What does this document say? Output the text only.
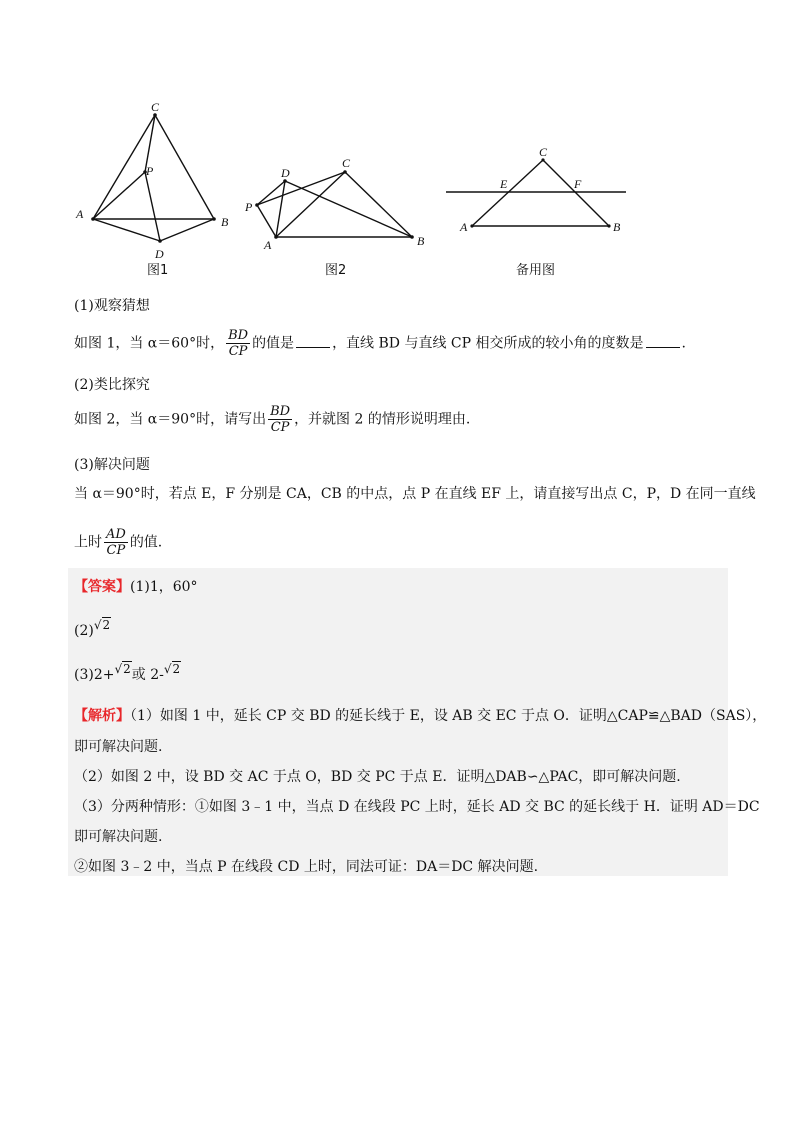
C
P
A
B
D
图1
D
C
P
A	B
图2
C
E	F
A	B
备用图
(1)观察猜想
如图 1，当 α＝60°时， $\frac{BD}{CP}$ 的值是	，直线 BD 与直线 CP 相交所成的较小角的度数是	.
(2)类比探究
如图 2，当 α＝90°时，请写出 $\frac{BD}{CP}$ ，并就图 2 的情形说明理由.
(3)解决问题
当 α＝90°时，若点 E，F 分别是 CA，CB 的中点，点 P 在直线 EF 上，请直接写出点 C，P，D 在同一直线
上时 $\frac{AD}{CP}$ 的值.
【答案】(1)1，60°
(2)√2
(3)2+√2或 2-√2
【解析】（1）如图 1 中，延长 CP 交 BD 的延长线于 E，设 AB 交 EC 于点 O．证明△CAP≌△BAD（SAS），
即可解决问题.
（2）如图 2 中，设 BD 交 AC 于点 O，BD 交 PC 于点 E．证明△DAB∽△PAC，即可解决问题.
（3）分两种情形：①如图 3﹣1 中，当点 D 在线段 PC 上时，延长 AD 交 BC 的延长线于 H．证明 AD＝DC
即可解决问题.
②如图 3﹣2 中，当点 P 在线段 CD 上时，同法可证：DA＝DC 解决问题.
